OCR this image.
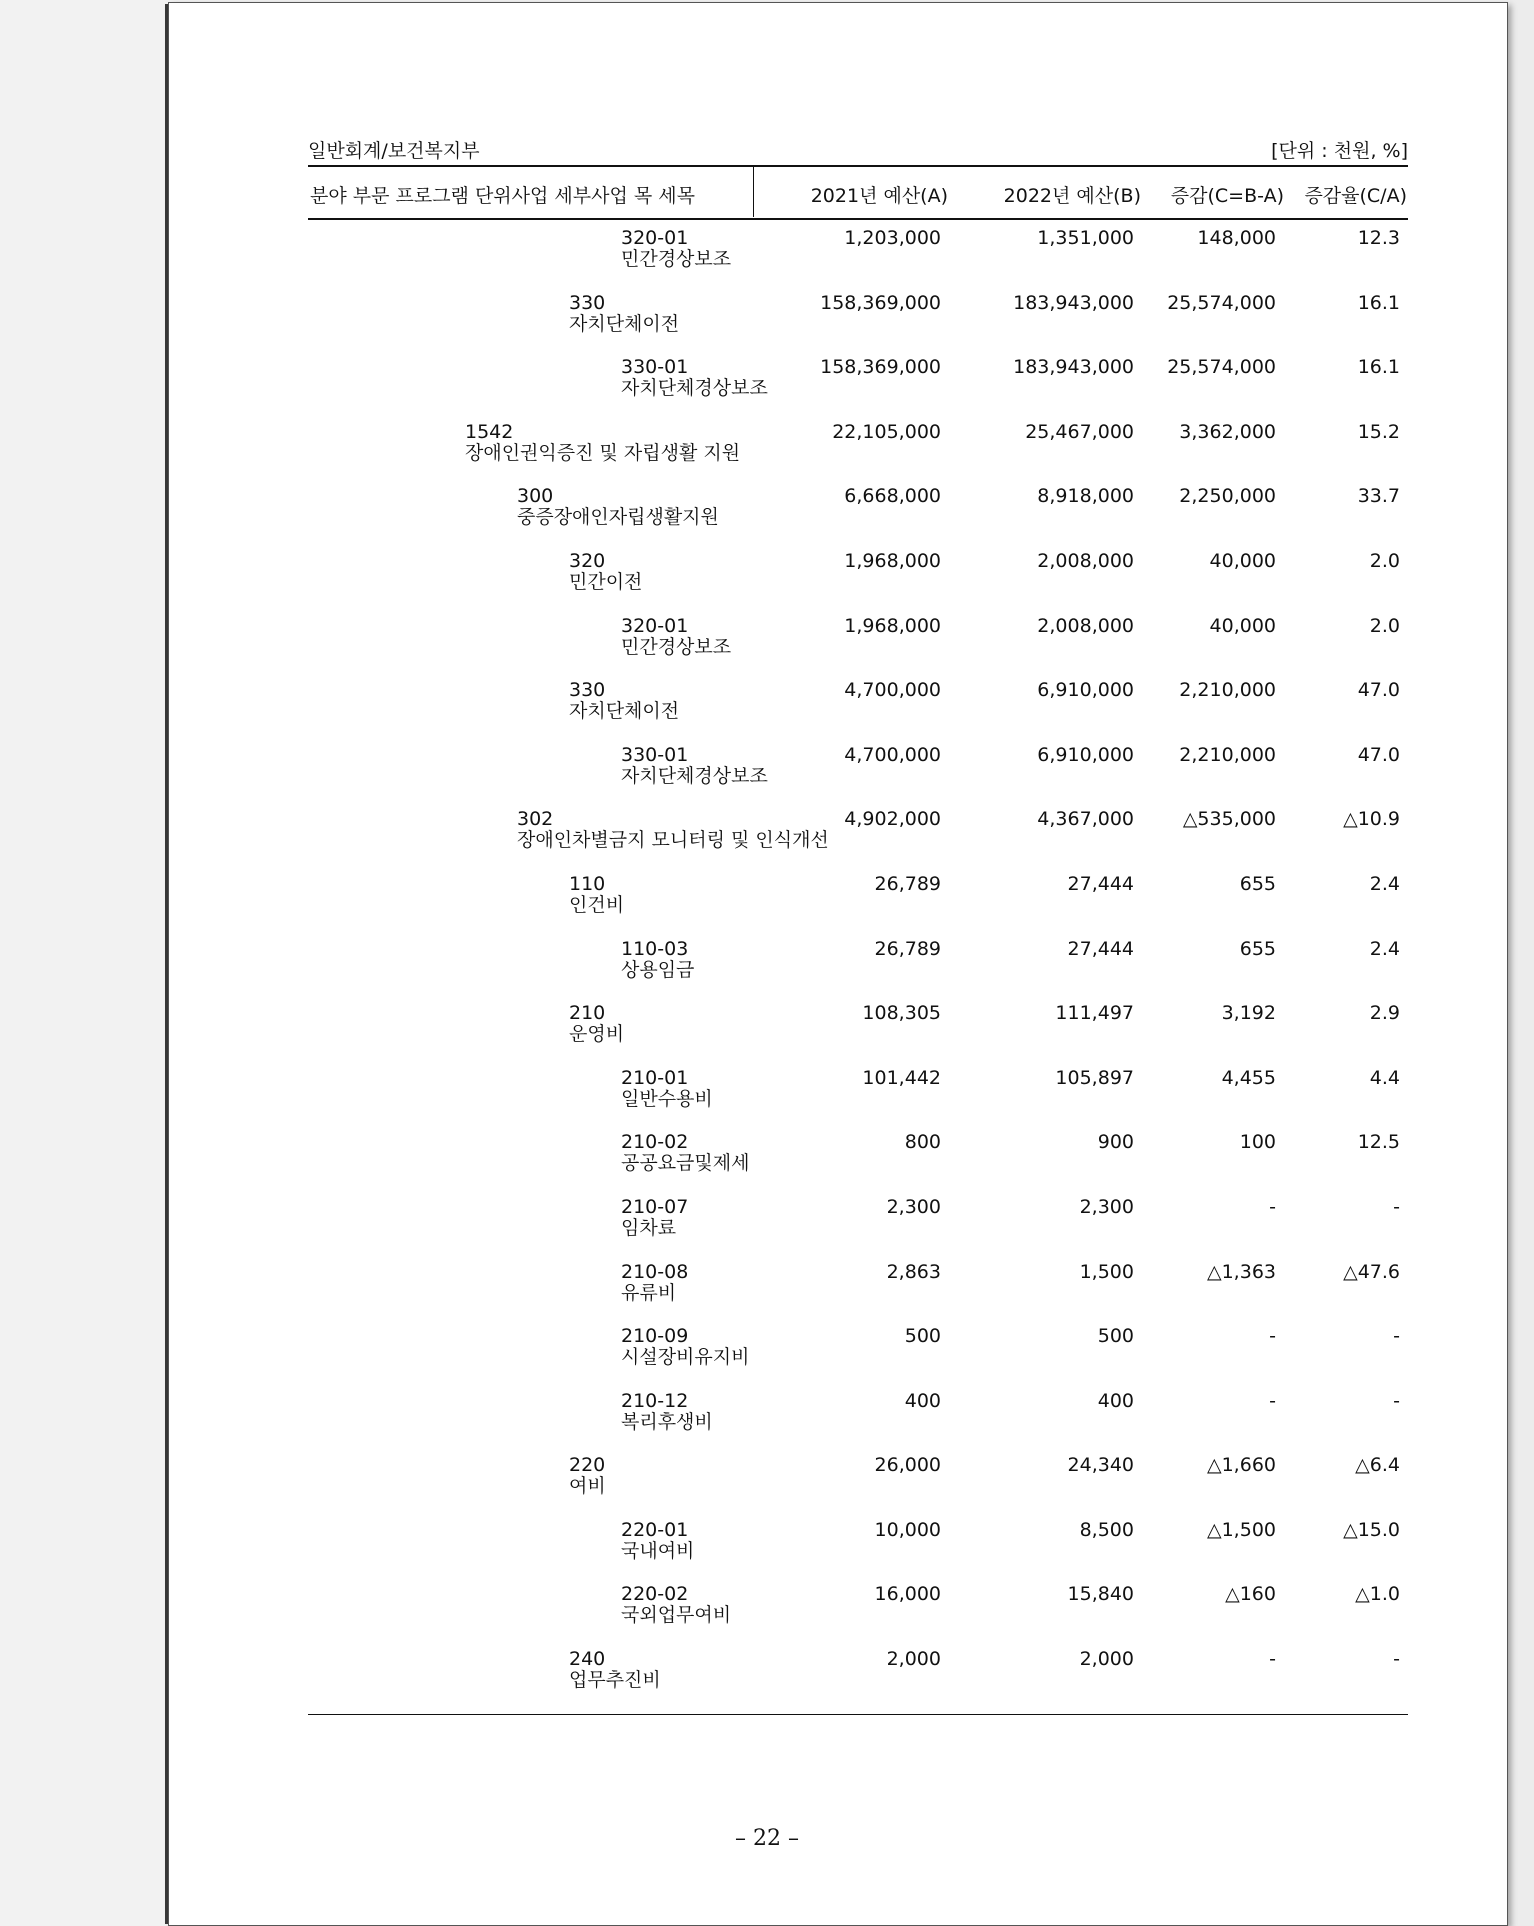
일반회계/보건복지부	[단위 : 천원, %]
분야 부문 프로그램 단위사업 세부사업 목 세목	2021년 예산(A)	2022년 예산(B) 증감(C=B-A) 증감율(C/A)
320-01
민간경상보조
1,203,000	1,351,000	148,000	12.3
330
자치단체이전
158,369,000	183,943,000 25,574,000	16.1
330-01
자치단체경상보조
158,369,000	183,943,000 25,574,000	16.1
1542
장애인권익증진 및 자립생활 지원
22,105,000	25,467,000 3,362,000	15.2
300
중증장애인자립생활지원
6,668,000	8,918,000 2,250,000	33.7
320
민간이전
1,968,000	2,008,000	40,000	2.0
320-01
민간경상보조
1,968,000	2,008,000	40,000	2.0
330
자치단체이전
4,700,000	6,910,000 2,210,000	47.0
330-01
자치단체경상보조
4,700,000	6,910,000 2,210,000	47.0
302
장애인차별금지 모니터링 및 인식개선
4,902,000	4,367,000	△535,000	△10.9
110
인건비
26,789	27,444	655	2.4
110-03
상용임금
26,789	27,444	655	2.4
210
운영비
108,305	111,497	3,192	2.9
210-01
일반수용비
101,442	105,897	4,455	4.4
210-02
공공요금및제세
800	900	100	12.5
210-07
임차료
2,300	2,300	-	-
210-08
유류비
2,863	1,500	△1,363	△47.6
210-09
시설장비유지비
500	500	-	-
210-12
복리후생비
400	400	-	-
220
여비
26,000	24,340	△1,660	△6.4
220-01
국내여비
10,000	8,500	△1,500	△15.0
220-02
국외업무여비
16,000	15,840	△160	△1.0
240
업무추진비
2,000	2,000	-	-
– 22 –
